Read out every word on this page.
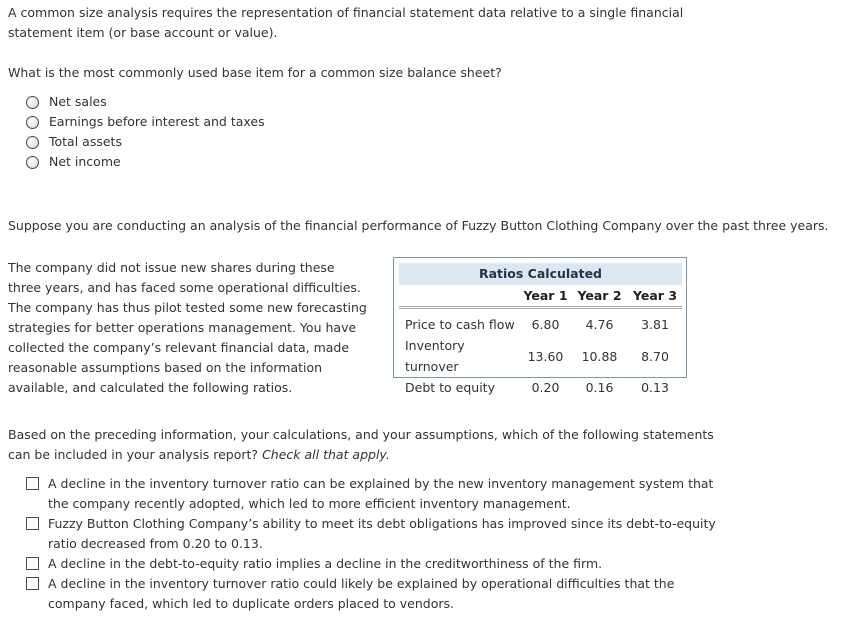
A common size analysis requires the representation of financial statement data relative to a single financial statement item (or base account or value).

What is the most commonly used base item for a common size balance sheet?

Net sales
Earnings before interest and taxes
Total assets
Net income

Suppose you are conducting an analysis of the financial performance of Fuzzy Button Clothing Company over the past three years.

The company did not issue new shares during these three years, and has faced some operational difficulties. The company has thus pilot tested some new forecasting strategies for better operations management. You have collected the company’s relevant financial data, made reasonable assumptions based on the information available, and calculated the following ratios.

Ratios Calculated
	Year 1	Year 2	Year 3
Price to cash flow	6.80	4.76	3.81
Inventory turnover	13.60	10.88	8.70
Debt to equity	0.20	0.16	0.13

Based on the preceding information, your calculations, and your assumptions, which of the following statements can be included in your analysis report? Check all that apply.

A decline in the inventory turnover ratio can be explained by the new inventory management system that the company recently adopted, which led to more efficient inventory management.
Fuzzy Button Clothing Company’s ability to meet its debt obligations has improved since its debt-to-equity ratio decreased from 0.20 to 0.13.
A decline in the debt-to-equity ratio implies a decline in the creditworthiness of the firm.
A decline in the inventory turnover ratio could likely be explained by operational difficulties that the company faced, which led to duplicate orders placed to vendors.
